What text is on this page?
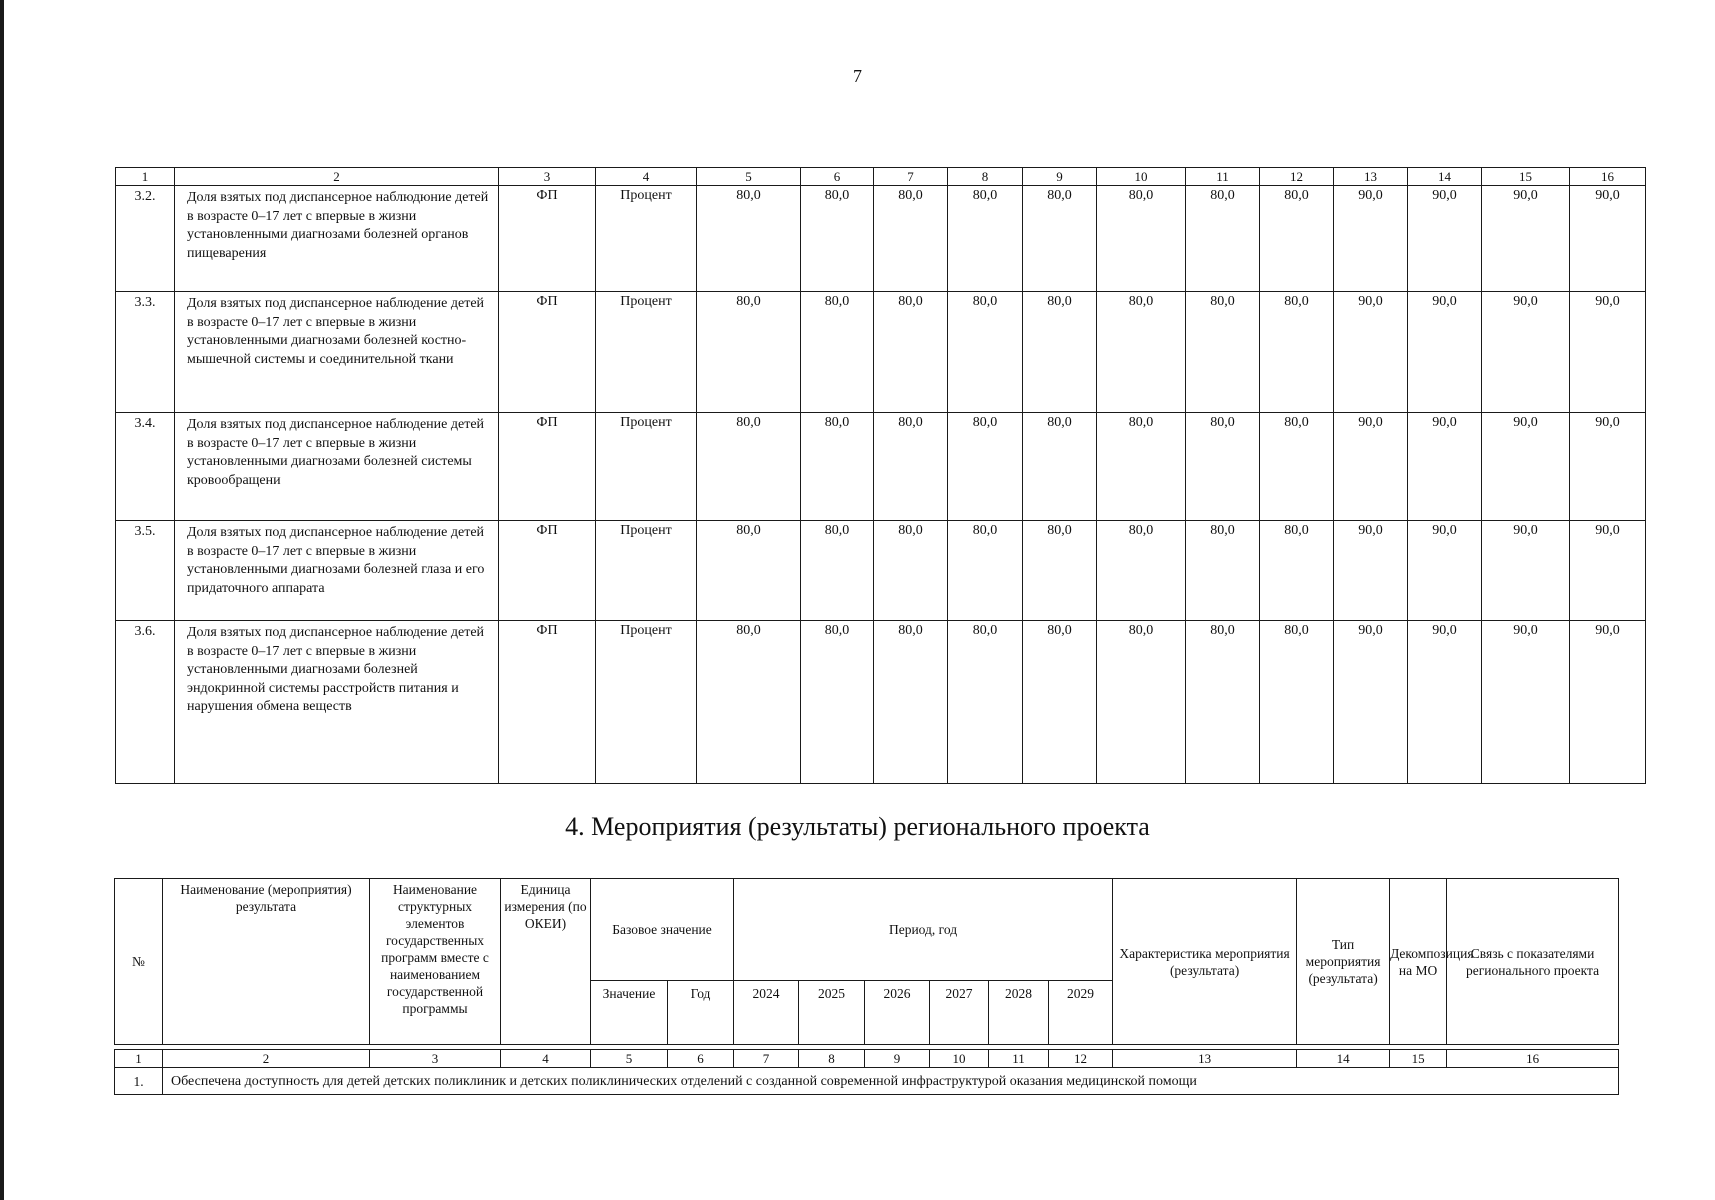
7
1	2	3	4	5	6	7	8	9	10	11	12	13	14	15	16
3.2.	Доля взятых под диспансерное наблюдюние детей в возрасте 0–17 лет с впервые в жизни установленными диагнозами болезней органов пищеварения	ФП	Процент	80,0	80,0	80,0	80,0	80,0	80,0	80,0	80,0	90,0	90,0	90,0	90,0
3.3.	Доля взятых под диспансерное наблюдение детей в возрасте 0–17 лет с впервые в жизни установленными диагнозами болезней костно-мышечной системы и соединительной ткани	ФП	Процент	80,0	80,0	80,0	80,0	80,0	80,0	80,0	80,0	90,0	90,0	90,0	90,0
3.4.	Доля взятых под диспансерное наблюдение детей в возрасте 0–17 лет с впервые в жизни установленными диагнозами болезней системы кровообращени	ФП	Процент	80,0	80,0	80,0	80,0	80,0	80,0	80,0	80,0	90,0	90,0	90,0	90,0
3.5.	Доля взятых под диспансерное наблюдение детей в возрасте 0–17 лет с впервые в жизни установленными диагнозами болезней глаза и его придаточного аппарата	ФП	Процент	80,0	80,0	80,0	80,0	80,0	80,0	80,0	80,0	90,0	90,0	90,0	90,0
3.6.	Доля взятых под диспансерное наблюдение детей в возрасте 0–17 лет с впервые в жизни установленными диагнозами болезней эндокринной системы расстройств питания и нарушения обмена веществ	ФП	Процент	80,0	80,0	80,0	80,0	80,0	80,0	80,0	80,0	90,0	90,0	90,0	90,0
4. Мероприятия (результаты) регионального проекта
№	Наименование (мероприятия) результата	Наименование структурных элементов государственных программ вместе с наименованием государственной программы	Единица измерения (по ОКЕИ)	Базовое значение		Период, год						Характеристика мероприятия (результата)	Тип мероприятия (результата)	Декомпозиция на МО	Связь с показателями регионального проекта
				Значение	Год	2024	2025	2026	2027	2028	2029				

1	2	3	4	5	6	7	8	9	10	11	12	13	14	15	16
1.	Обеспечена доступность для детей детских поликлиник и детских поликлинических отделений с созданной современной инфраструктурой оказания медицинской помощи														
